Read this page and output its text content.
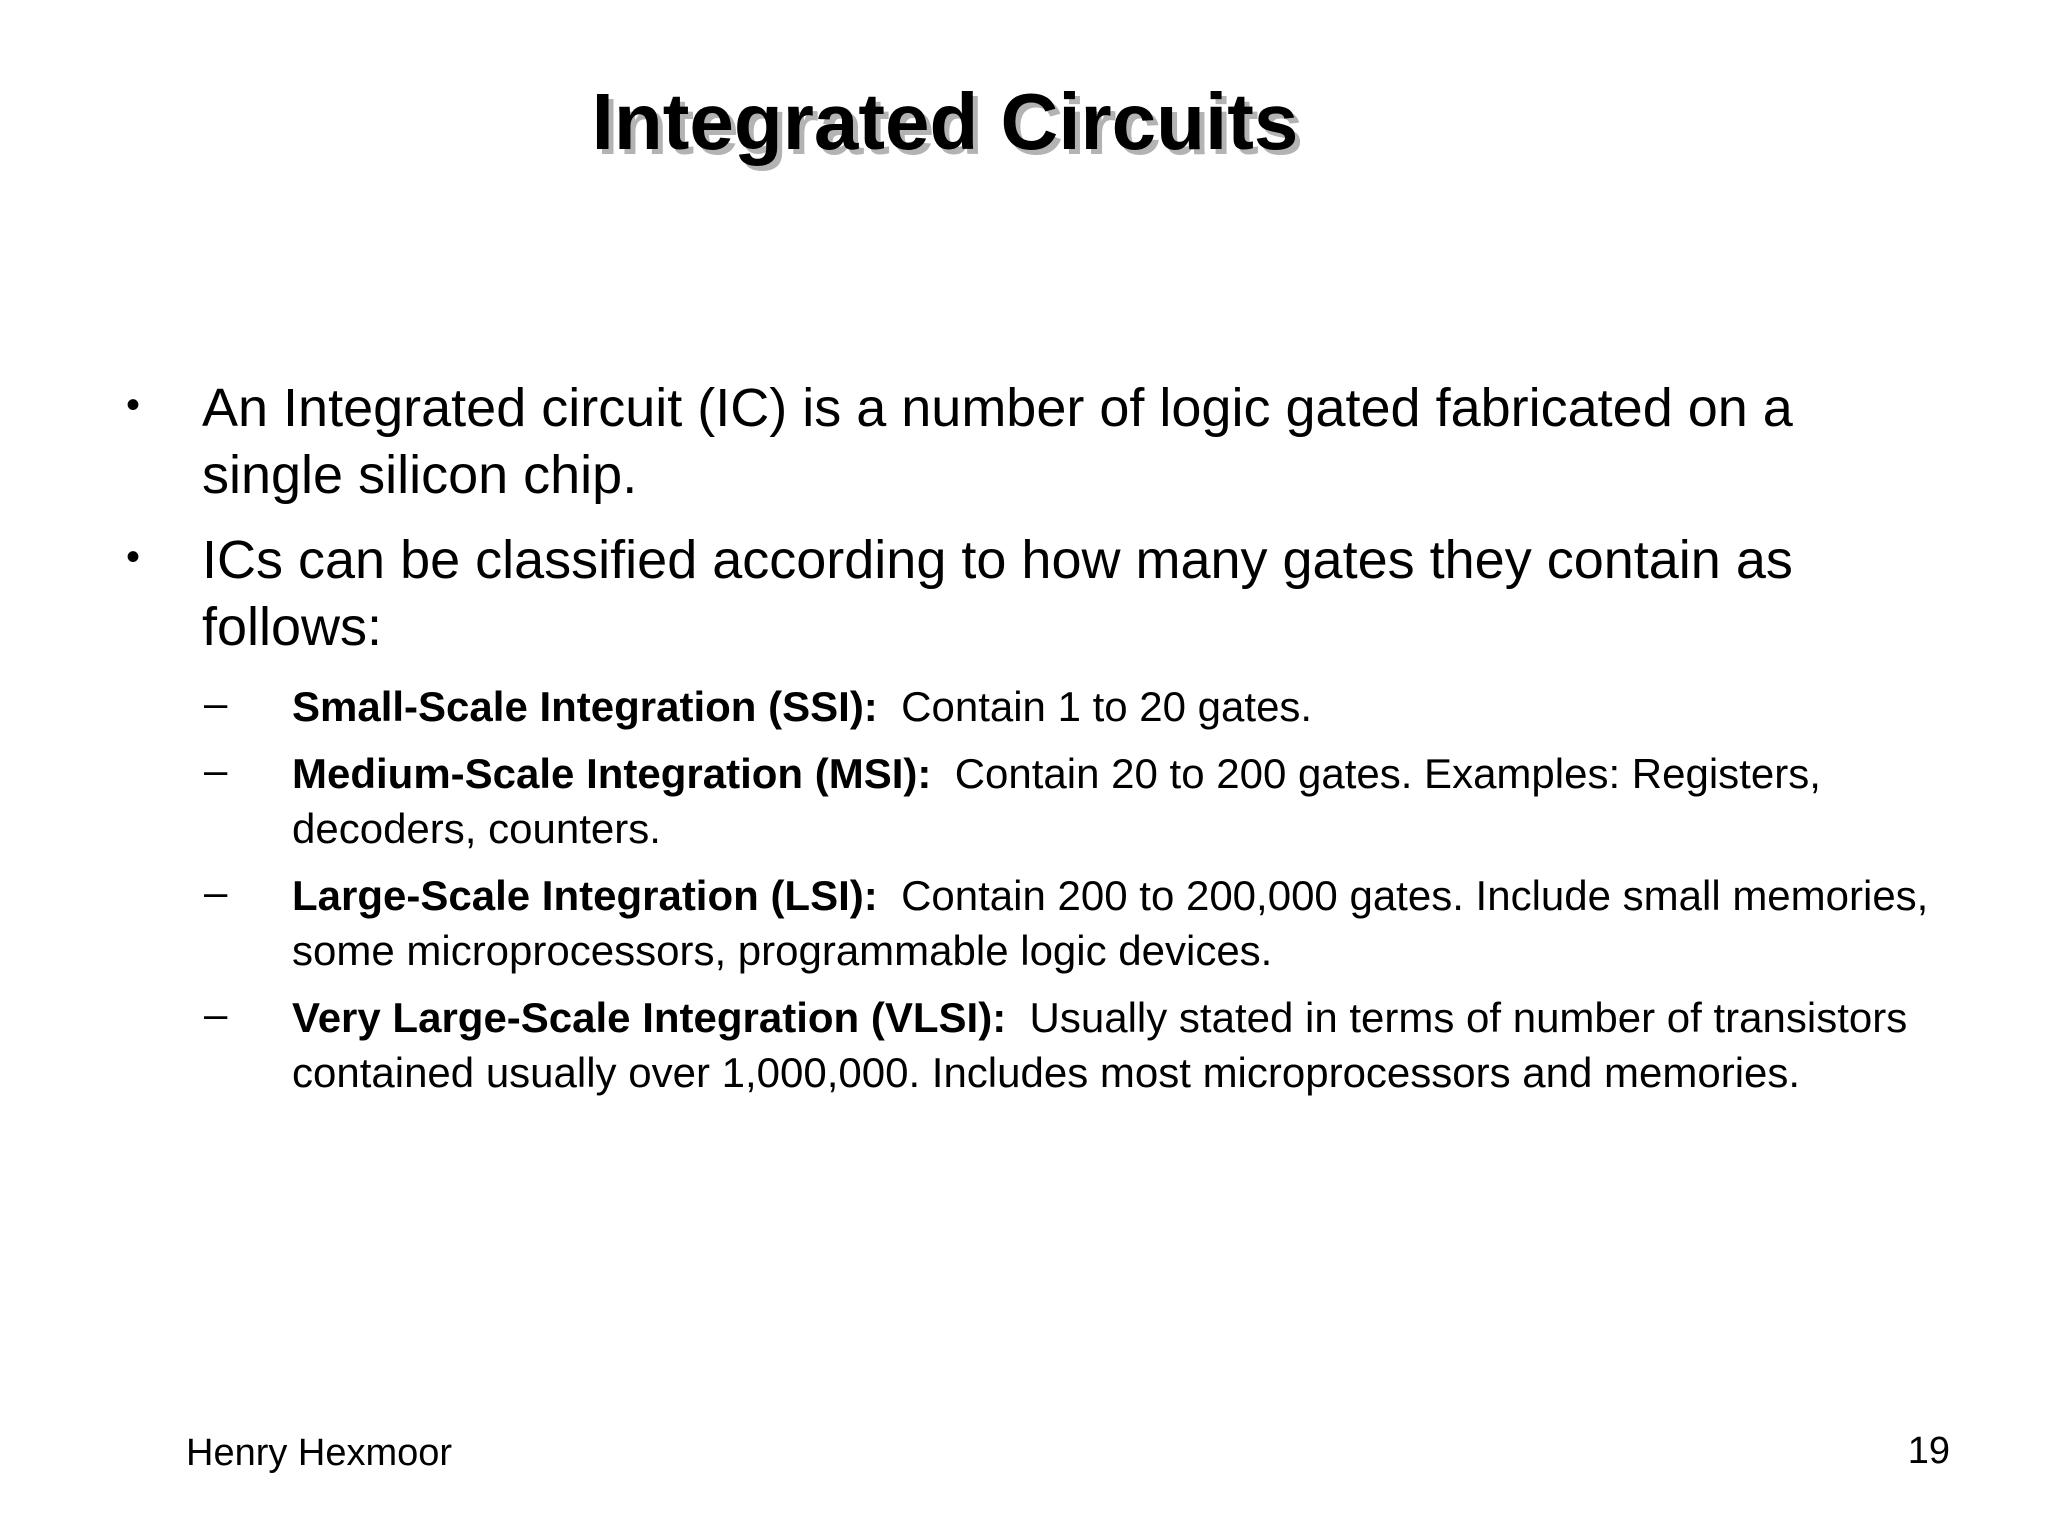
Integrated Circuits
• An Integrated circuit (IC) is a number of logic gated fabricated on a single silicon chip.
• ICs can be classified according to how many gates they contain as follows:
– Small-Scale Integration (SSI): Contain 1 to 20 gates.
– Medium-Scale Integration (MSI): Contain 20 to 200 gates. Examples: Registers, decoders, counters.
– Large-Scale Integration (LSI): Contain 200 to 200,000 gates. Include small memories, some microprocessors, programmable logic devices.
– Very Large-Scale Integration (VLSI): Usually stated in terms of number of transistors contained usually over 1,000,000. Includes most microprocessors and memories.
Henry Hexmoor	19
